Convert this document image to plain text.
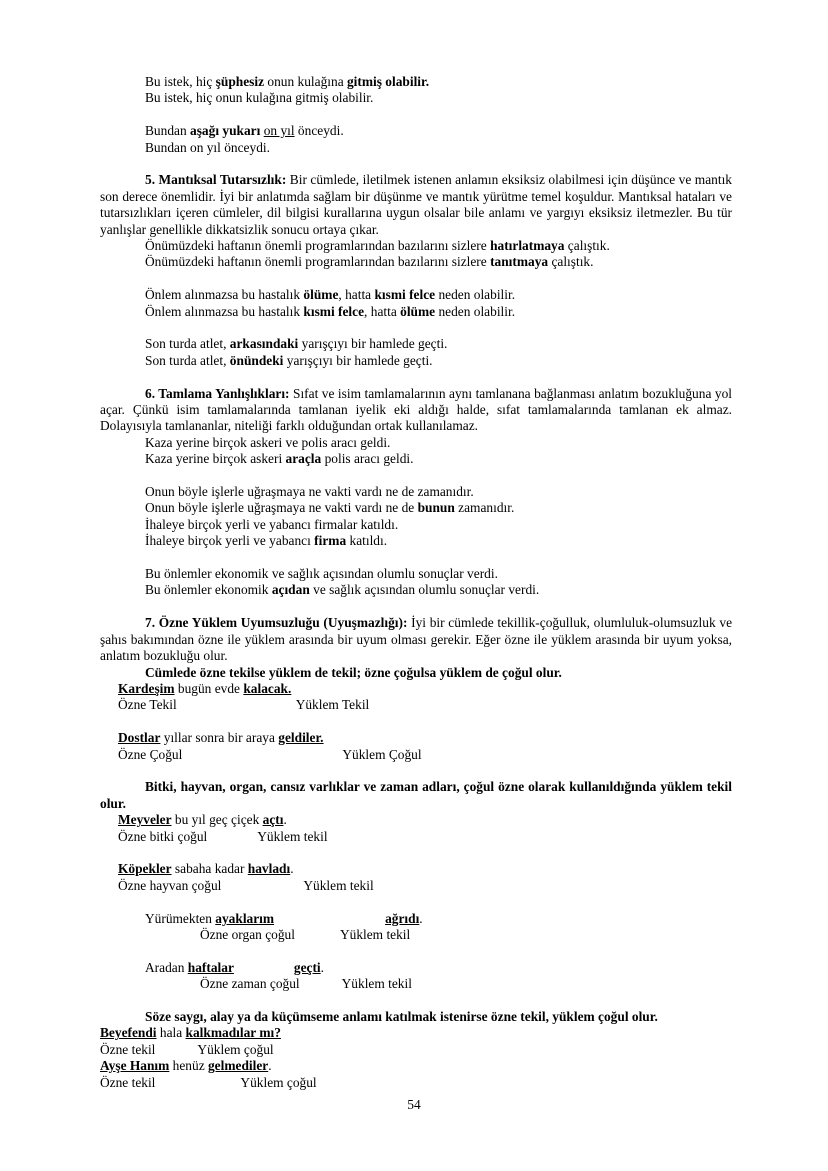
Bu istek, hiç şüphesiz onun kulağına gitmiş olabilir.
Bu istek, hiç onun kulağına gitmiş olabilir.
Bundan aşağı yukarı on yıl önceydi.
Bundan on yıl önceydi.
5. Mantıksal Tutarsızlık: Bir cümlede, iletilmek istenen anlamın eksiksiz olabilmesi için düşünce ve mantık son derece önemlidir. İyi bir anlatımda sağlam bir düşünme ve mantık yürütme temel koşuldur. Mantıksal hataları ve tutarsızlıkları içeren cümleler, dil bilgisi kurallarına uygun olsalar bile anlamı ve yargıyı eksiksiz iletmezler. Bu tür yanlışlar genellikle dikkatsizlik sonucu ortaya çıkar.
Önümüzdeki haftanın önemli programlarından bazılarını sizlere hatırlatmaya çalıştık.
Önümüzdeki haftanın önemli programlarından bazılarını sizlere tanıtmaya çalıştık.
Önlem alınmazsa bu hastalık ölüme, hatta kısmi felce neden olabilir.
Önlem alınmazsa bu hastalık kısmi felce, hatta ölüme neden olabilir.
Son turda atlet, arkasındaki yarışçıyı bir hamlede geçti.
Son turda atlet, önündeki yarışçıyı bir hamlede geçti.
6. Tamlama Yanlışlıkları: Sıfat ve isim tamlamalarının aynı tamlanana bağlanması anlatım bozukluğuna yol açar. Çünkü isim tamlamalarında tamlanan iyelik eki aldığı halde, sıfat tamlamalarında tamlanan ek almaz. Dolayısıyla tamlananlar, niteliği farklı olduğundan ortak kullanılamaz.
Kaza yerine birçok askeri ve polis aracı geldi.
Kaza yerine birçok askeri araçla polis aracı geldi.
Onun böyle işlerle uğraşmaya ne vakti vardı ne de zamanıdır.
Onun böyle işlerle uğraşmaya ne vakti vardı ne de bunun zamanıdır.
İhaleye birçok yerli ve yabancı firmalar katıldı.
İhaleye birçok yerli ve yabancı firma katıldı.
Bu önlemler ekonomik ve sağlık açısından olumlu sonuçlar verdi.
Bu önlemler ekonomik açıdan ve sağlık açısından olumlu sonuçlar verdi.
7. Özne Yüklem Uyumsuzluğu (Uyuşmazlığı): İyi bir cümlede tekillik-çoğulluk, olumluluk-olumsuzluk ve şahıs bakımından özne ile yüklem arasında bir uyum olması gerekir. Eğer özne ile yüklem arasında bir uyum yoksa, anlatım bozukluğu olur.
Cümlede özne tekilse yüklem de tekil; özne çoğulsa yüklem de çoğul olur.
Kardeşim bugün evde kalacak.
Özne Tekil	Yüklem Tekil
Dostlar yıllar sonra bir araya geldiler.
Özne Çoğul	Yüklem Çoğul
Bitki, hayvan, organ, cansız varlıklar ve zaman adları, çoğul özne olarak kullanıldığında yüklem tekil olur.
Meyveler bu yıl geç çiçek açtı.
Özne bitki çoğul	Yüklem tekil
Köpekler sabaha kadar havladı.
Özne hayvan çoğul	Yüklem tekil
Yürümekten ayaklarım	ağrıdı.
Özne organ çoğul	Yüklem tekil
Aradan haftalar	geçti.
Özne zaman çoğul	Yüklem tekil
Söze saygı, alay ya da küçümseme anlamı katılmak istenirse özne tekil, yüklem çoğul olur.
Beyefendi hala kalkmadılar mı?
Özne tekil	Yüklem çoğul
Ayşe Hanım henüz gelmediler.
Özne tekil	Yüklem çoğul
54
